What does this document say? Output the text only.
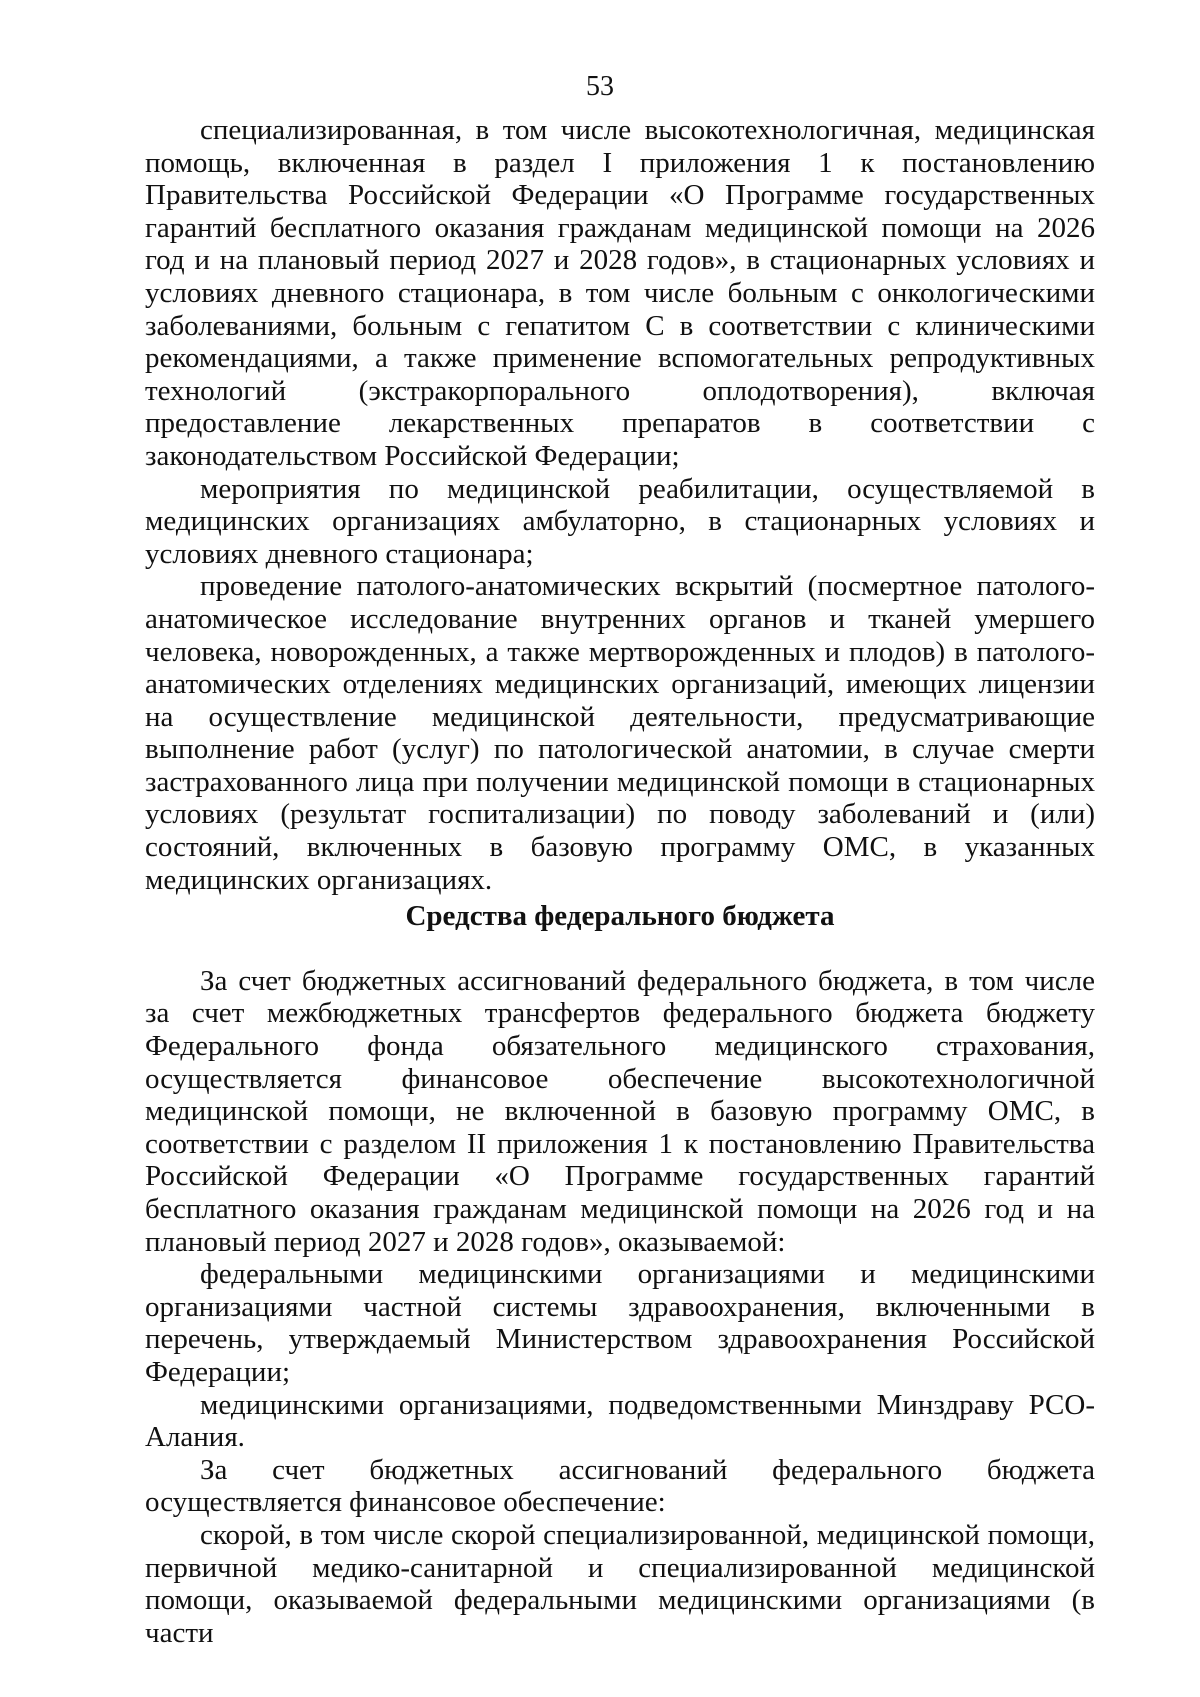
53

специализированная, в том числе высокотехнологичная, медицинская помощь, включенная в раздел I приложения 1 к постановлению Правительства Российской Федерации «О Программе государственных гарантий бесплатного оказания гражданам медицинской помощи на 2026 год и на плановый период 2027 и 2028 годов», в стационарных условиях и условиях дневного стационара, в том числе больным с онкологическими заболеваниями, больным с гепатитом С в соответствии с клиническими рекомендациями, а также применение вспомогательных репродуктивных технологий (экстракорпорального оплодотворения), включая предоставление лекарственных препаратов в соответствии с законодательством Российской Федерации;

мероприятия по медицинской реабилитации, осуществляемой в медицинских организациях амбулаторно, в стационарных условиях и условиях дневного стационара;

проведение патолого-анатомических вскрытий (посмертное патолого-анатомическое исследование внутренних органов и тканей умершего человека, новорожденных, а также мертворожденных и плодов) в патолого-анатомических отделениях медицинских организаций, имеющих лицензии на осуществление медицинской деятельности, предусматривающие выполнение работ (услуг) по патологической анатомии, в случае смерти застрахованного лица при получении медицинской помощи в стационарных условиях (результат госпитализации) по поводу заболеваний и (или) состояний, включенных в базовую программу ОМС, в указанных медицинских организациях.

Средства федерального бюджета

За счет бюджетных ассигнований федерального бюджета, в том числе за счет межбюджетных трансфертов федерального бюджета бюджету Федерального фонда обязательного медицинского страхования, осуществляется финансовое обеспечение высокотехнологичной медицинской помощи, не включенной в базовую программу ОМС, в соответствии с разделом II приложения 1 к постановлению Правительства Российской Федерации «О Программе государственных гарантий бесплатного оказания гражданам медицинской помощи на 2026 год и на плановый период 2027 и 2028 годов», оказываемой:

федеральными медицинскими организациями и медицинскими организациями частной системы здравоохранения, включенными в перечень, утверждаемый Министерством здравоохранения Российской Федерации;

медицинскими организациями, подведомственными Минздраву РСО-Алания.

За счет бюджетных ассигнований федерального бюджета осуществляется финансовое обеспечение:

скорой, в том числе скорой специализированной, медицинской помощи, первичной медико-санитарной и специализированной медицинской помощи, оказываемой федеральными медицинскими организациями (в части
